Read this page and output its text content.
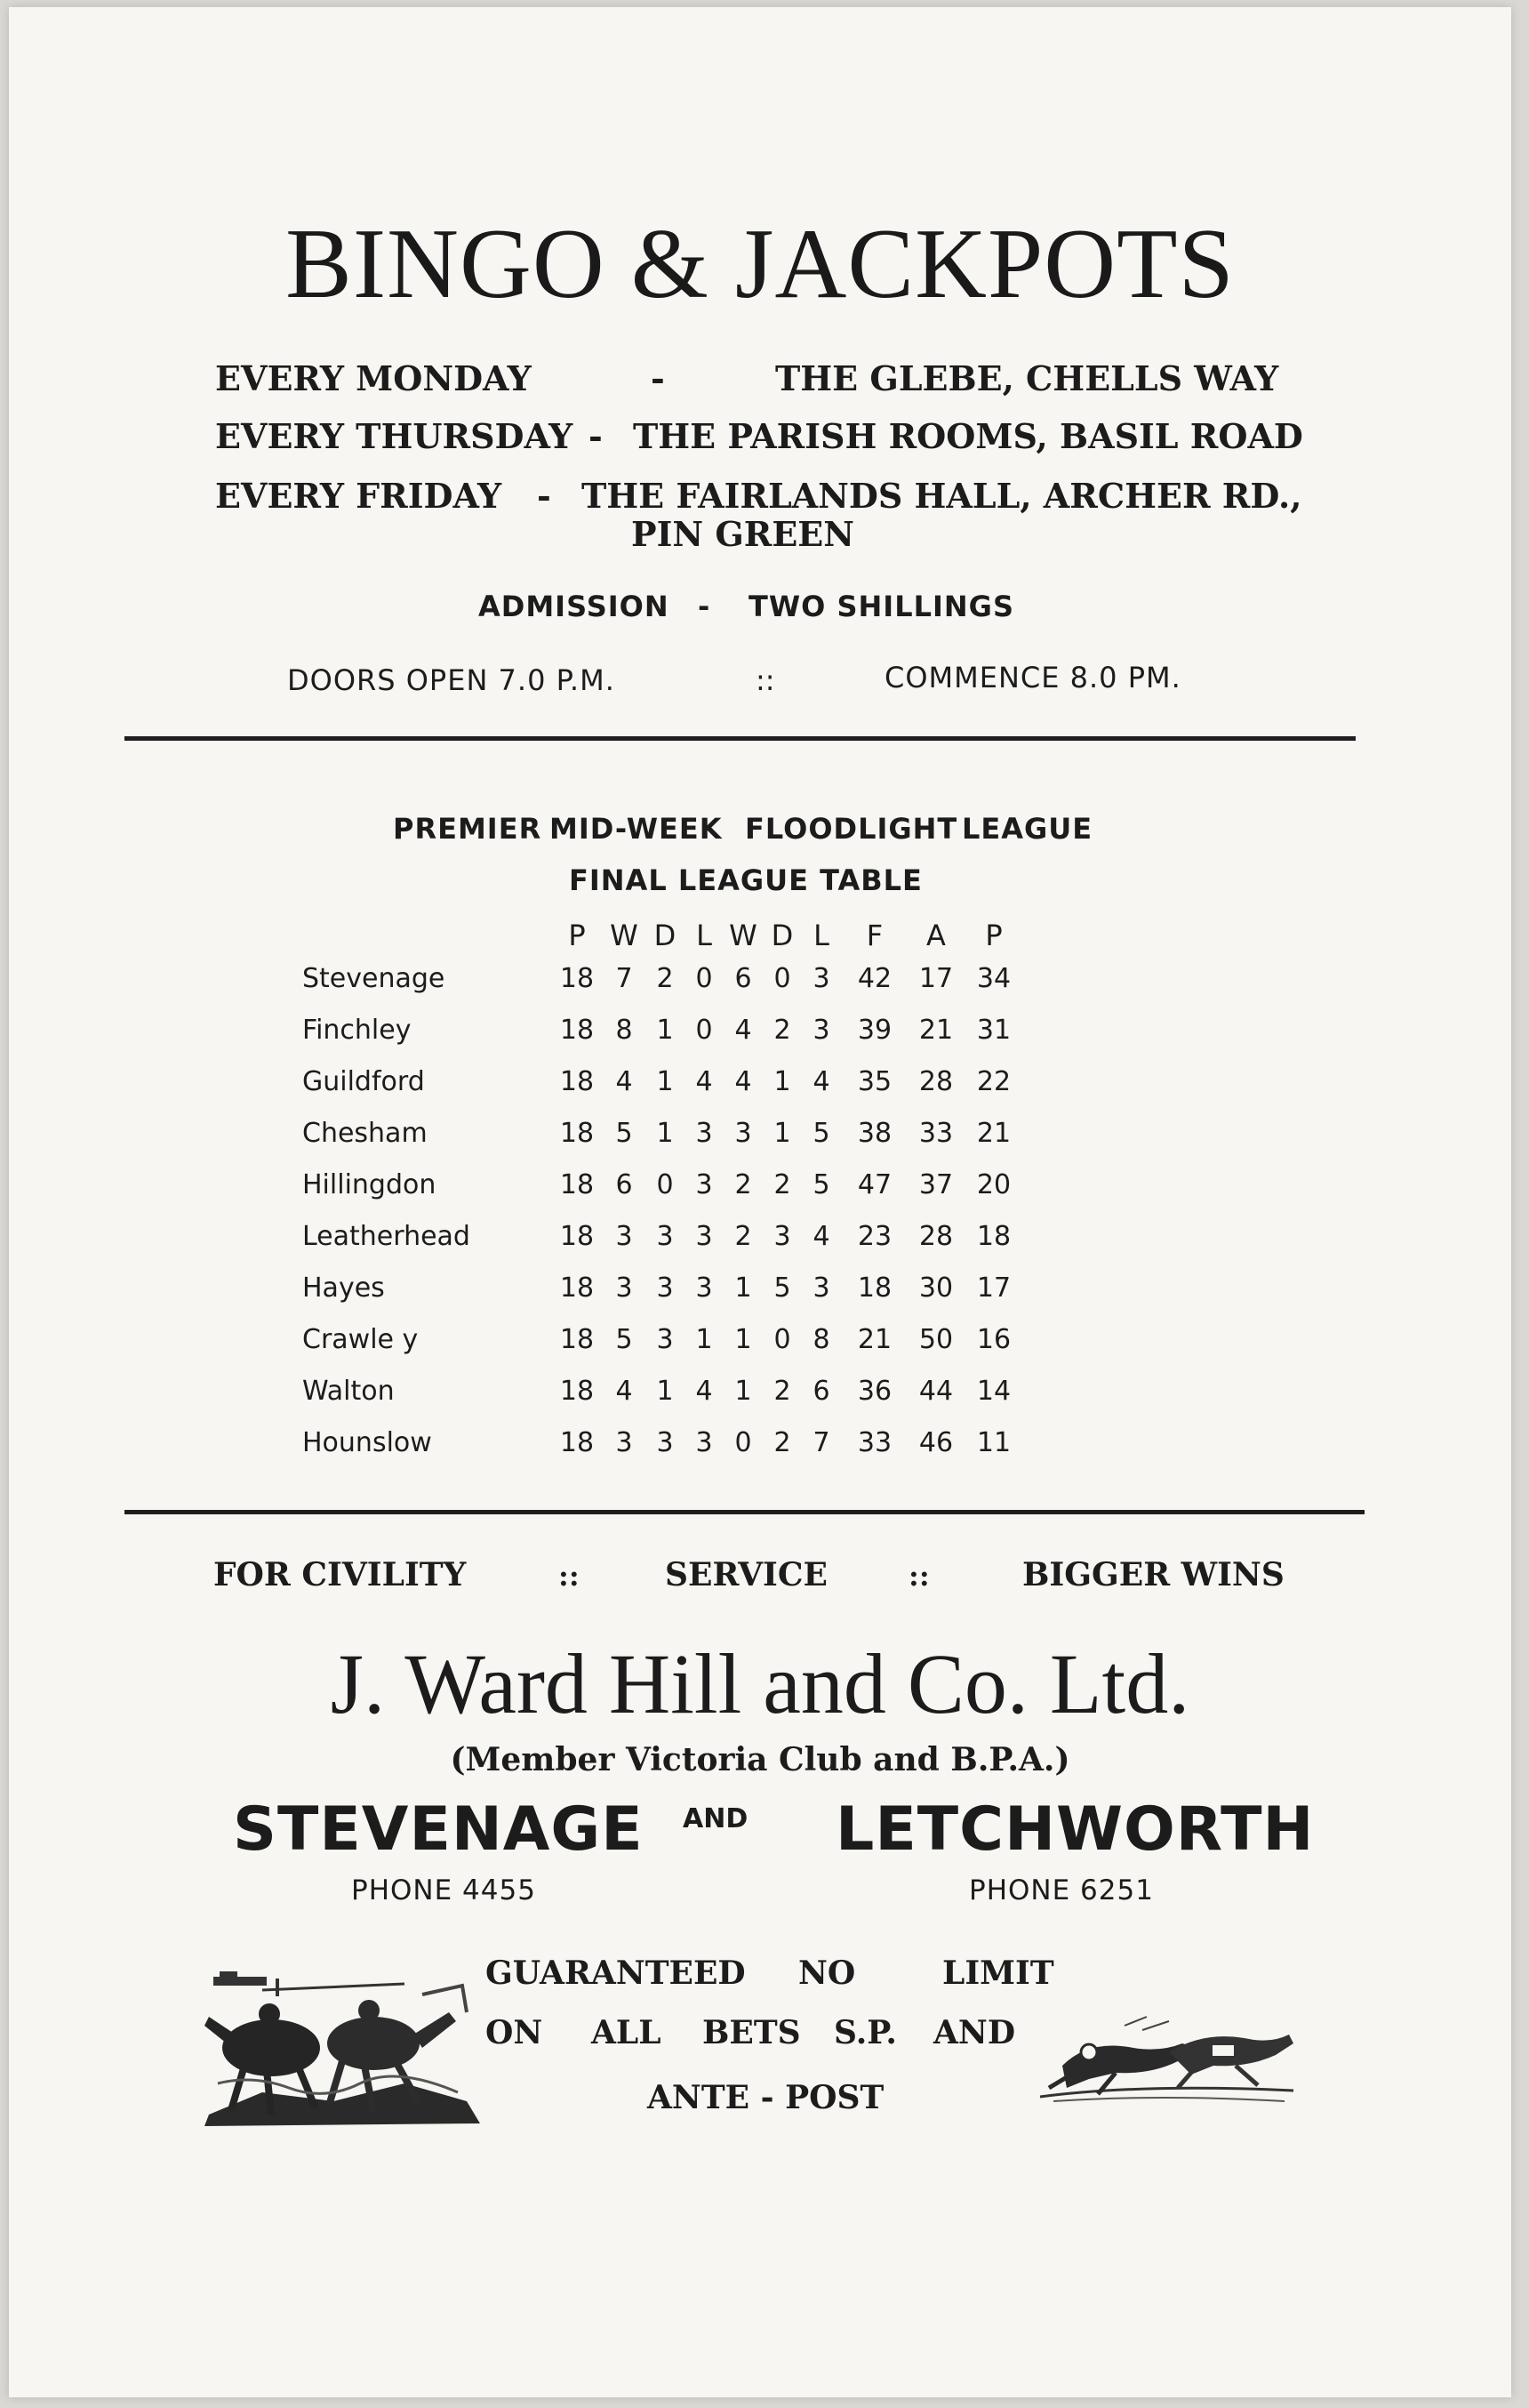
BINGO & JACKPOTS
EVERY MONDAY	-	THE GLEBE, CHELLS WAY
EVERY THURSDAY - THE PARISH ROOMS, BASIL ROAD
EVERY FRIDAY - THE FAIRLANDS HALL, ARCHER RD.,
PIN GREEN
ADMISSION - TWO SHILLINGS
DOORS OPEN 7.0 P.M.	::	COMMENCE 8.0 PM.
PREMIER MID-WEEK FLOODLIGHT LEAGUE
FINAL LEAGUE TABLE
	P	W	D	L	W	D	L	F	A	P
Stevenage	18	7	2	0	6	0	3	42	17	34
Finchley	18	8	1	0	4	2	3	39	21	31
Guildford	18	4	1	4	4	1	4	35	28	22
Chesham	18	5	1	3	3	1	5	38	33	21
Hillingdon	18	6	0	3	2	2	5	47	37	20
Leatherhead	18	3	3	3	2	3	4	23	28	18
Hayes	18	3	3	3	1	5	3	18	30	17
Crawle y	18	5	3	1	1	0	8	21	50	16
Walton	18	4	1	4	1	2	6	36	44	14
Hounslow	18	3	3	3	0	2	7	33	46	11
FOR CIVILITY	::	SERVICE	::	BIGGER WINS
J. Ward Hill and Co. Ltd.
(Member Victoria Club and B.P.A.)
STEVENAGE AND LETCHWORTH
PHONE 4455	PHONE 6251
GUARANTEED NO	LIMIT
ON ALL BETS S.P. AND
ANTE - POST
